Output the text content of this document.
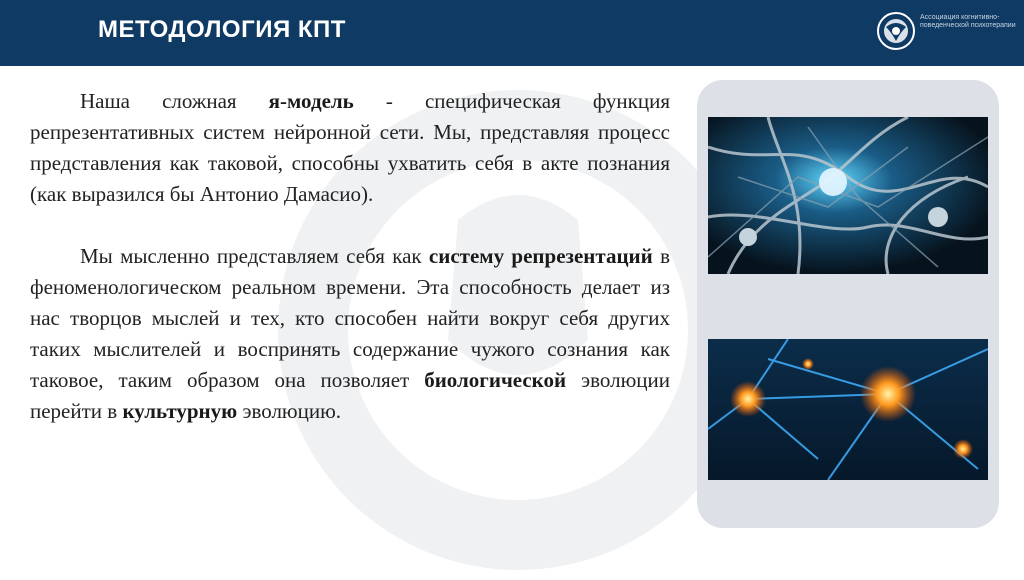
МЕТОДОЛОГИЯ КПТ	Ассоциация когнитивно-поведенческой психотерапии

Наша сложная я-модель - специфическая функция репрезентативных систем нейронной сети. Мы, представляя процесс представления как таковой, способны ухватить себя в акте познания (как выразился бы Антонио Дамасио).

Мы мысленно представляем себя как систему репрезентаций в феноменологическом реальном времени. Эта способность делает из нас творцов мыслей и тех, кто способен найти вокруг себя других таких мыслителей и воспринять содержание чужого сознания как таковое, таким образом она позволяет биологической эволюции перейти в культурную эволюцию.
